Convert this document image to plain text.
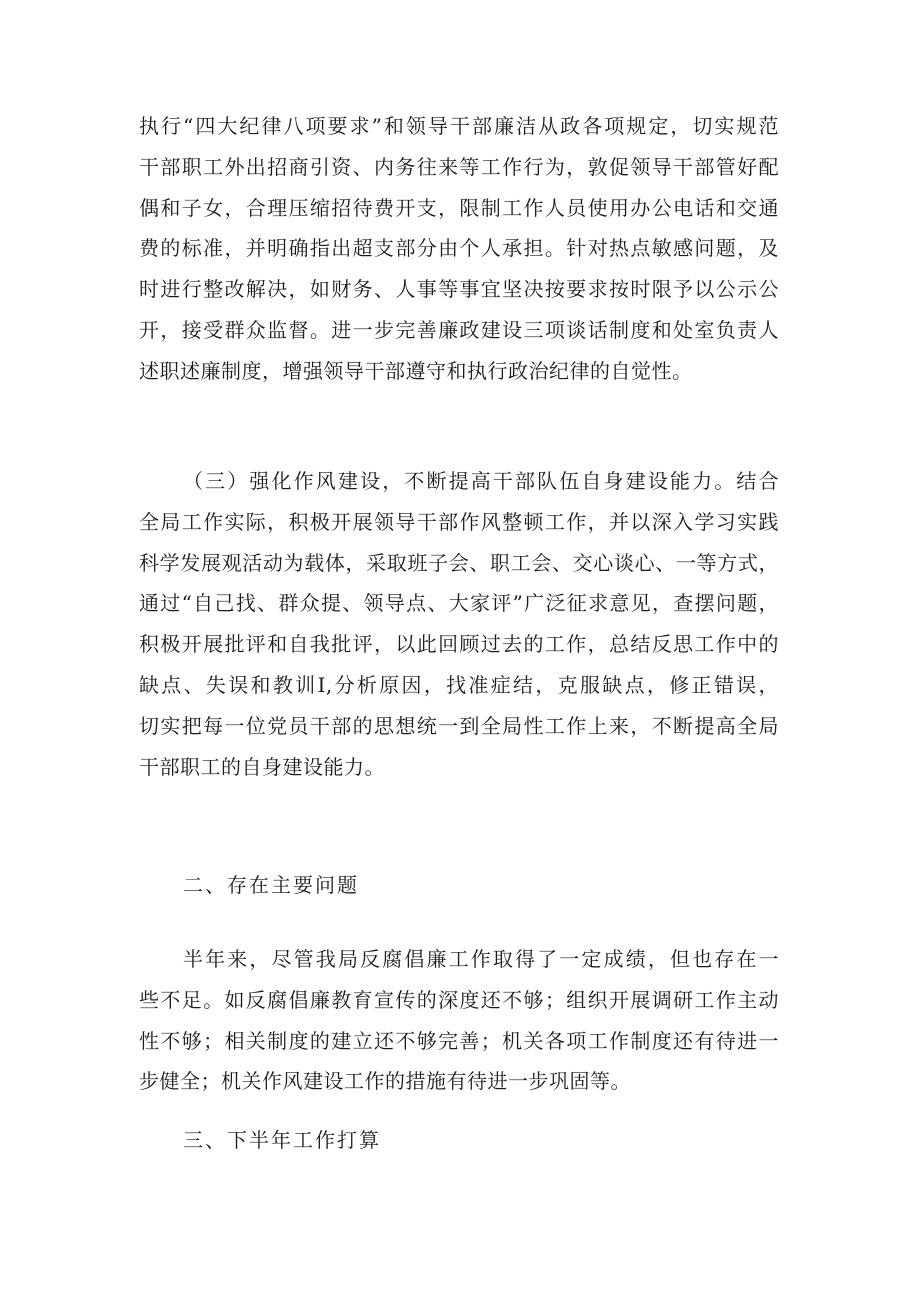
执行“四大纪律八项要求”和领导干部廉洁从政各项规定，切实规范
干部职工外出招商引资、内务往来等工作行为，敦促领导干部管好配
偶和子女，合理压缩招待费开支，限制工作人员使用办公电话和交通
费的标准，并明确指出超支部分由个人承担。针对热点敏感问题，及
时进行整改解决，如财务、人事等事宜坚决按要求按时限予以公示公
开，接受群众监督。进一步完善廉政建设三项谈话制度和处室负责人
述职述廉制度，增强领导干部遵守和执行政治纪律的自觉性。
（三）强化作风建设，不断提高干部队伍自身建设能力。结合
全局工作实际，积极开展领导干部作风整顿工作，并以深入学习实践
科学发展观活动为载体，采取班子会、职工会、交心谈心、一等方式，
通过“自己找、群众提、领导点、大家评”广泛征求意见，查摆问题，
积极开展批评和自我批评，以此回顾过去的工作，总结反思工作中的
缺点、失误和教训I,分析原因，找准症结，克服缺点，修正错误，
切实把每一位党员干部的思想统一到全局性工作上来，不断提高全局
干部职工的自身建设能力。
二、存在主要问题
半年来，尽管我局反腐倡廉工作取得了一定成绩，但也存在一
些不足。如反腐倡廉教育宣传的深度还不够；组织开展调研工作主动
性不够；相关制度的建立还不够完善；机关各项工作制度还有待进一
步健全；机关作风建设工作的措施有待进一步巩固等。
三、下半年工作打算
